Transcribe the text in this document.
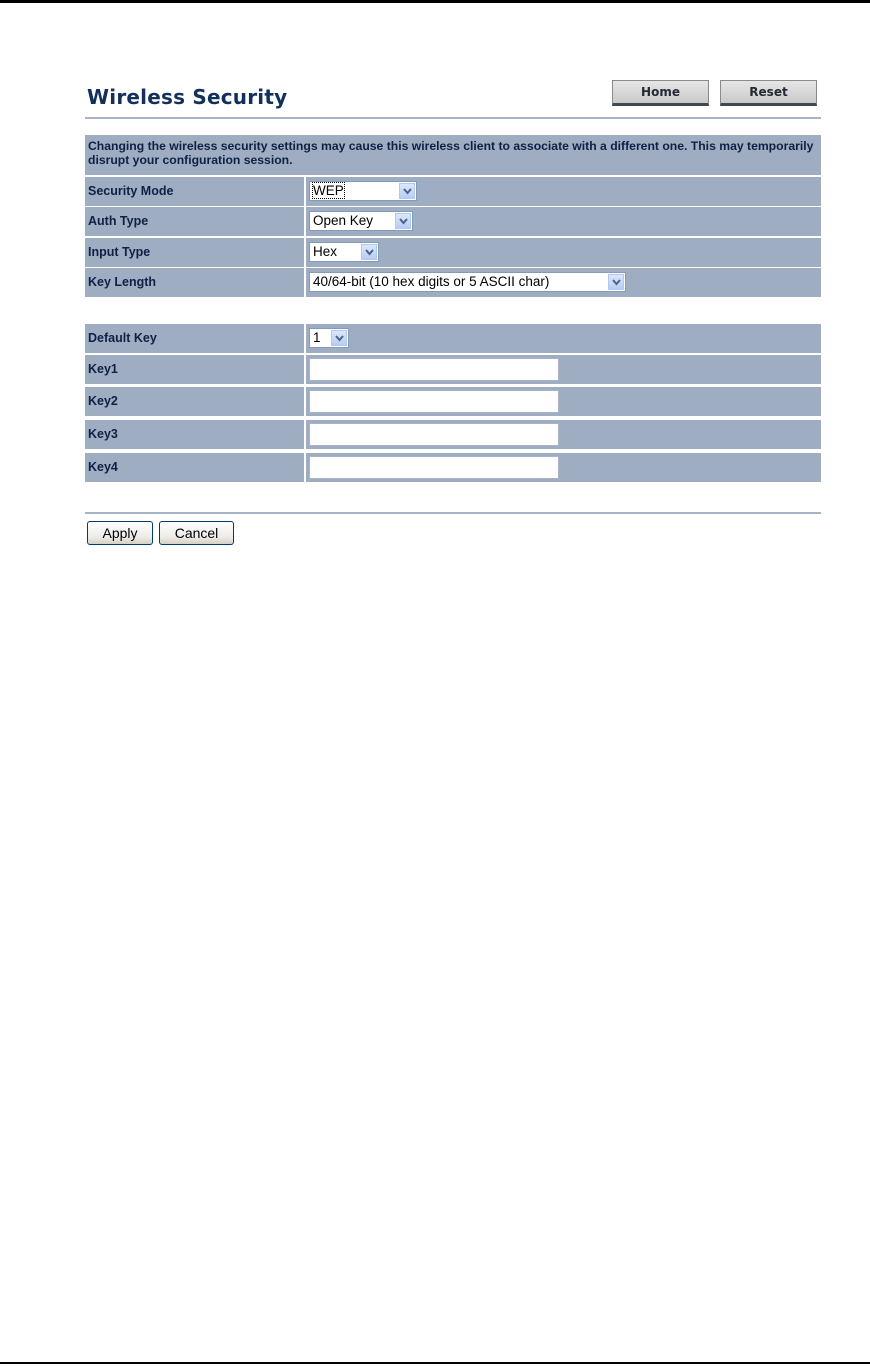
Wireless Security	Home	Reset
Changing the wireless security settings may cause this wireless client to associate with a different one. This may temporarily disrupt your configuration session.
Security Mode	WEP
Auth Type	Open Key
Input Type	Hex
Key Length	40/64-bit (10 hex digits or 5 ASCII char)
Default Key	1
Key1
Key2
Key3
Key4
Apply	Cancel
